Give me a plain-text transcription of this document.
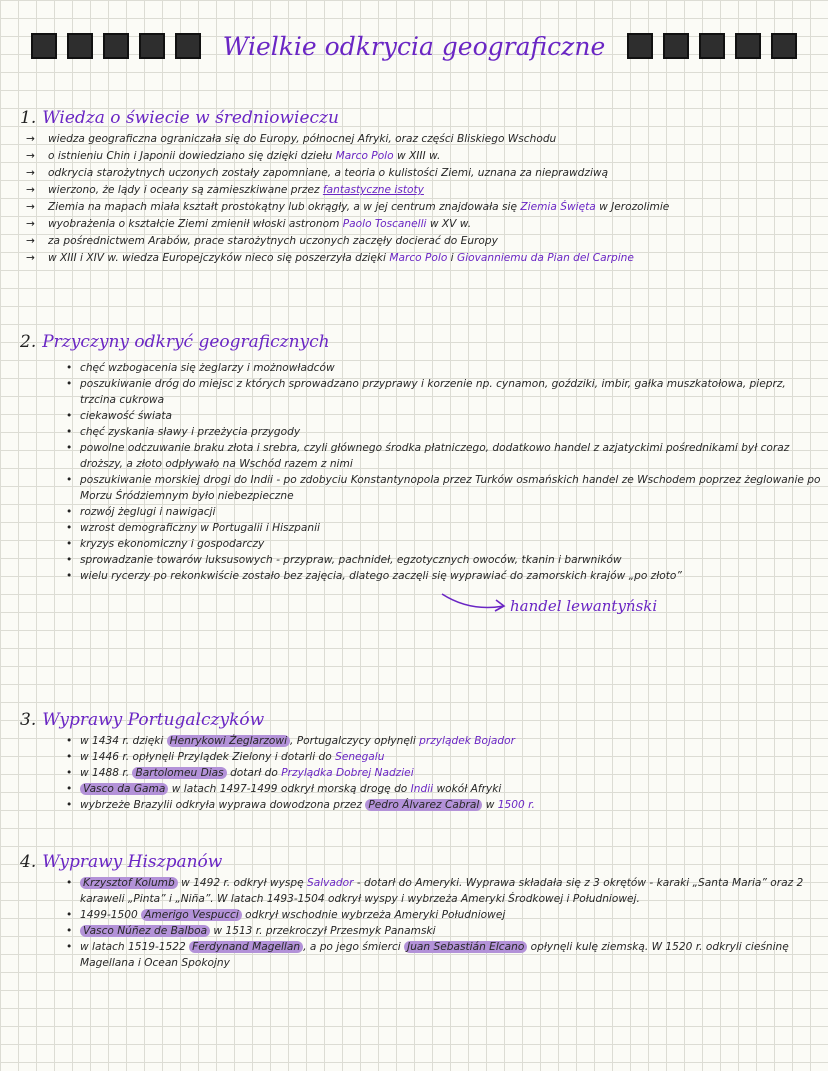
Wielkie odkrycia geograficzne
1. Wiedza o świecie w średniowieczu
→ wiedza geograficzna ograniczała się do Europy, północnej Afryki, oraz części Bliskiego Wschodu
→ o istnieniu Chin i Japonii dowiedziano się dzięki dziełu Marco Polo w XIII w.
→ odkrycia starożytnych uczonych zostały zapomniane, a teoria o kulistości Ziemi, uznana za nieprawdziwą
→ wierzono, że lądy i oceany są zamieszkiwane przez fantastyczne istoty
→ Ziemia na mapach miała kształt prostokątny lub okrągły, a w jej centrum znajdowała się Ziemia Święta w Jerozolimie
→ wyobrażenia o kształcie Ziemi zmienił włoski astronom Paolo Toscanelli w XV w.
→ za pośrednictwem Arabów, prace starożytnych uczonych zaczęły docierać do Europy
→ w XIII i XIV w. wiedza Europejczyków nieco się poszerzyła dzięki Marco Polo i Giovanniemu da Pian del Carpine
2. Przyczyny odkryć geograficznych
• chęć wzbogacenia się żeglarzy i możnowładców
• poszukiwanie dróg do miejsc z których sprowadzano przyprawy i korzenie np. cynamon, goździki, imbir, gałka muszkatołowa, pieprz, trzcina cukrowa
• ciekawość świata
• chęć zyskania sławy i przeżycia przygody
• powolne odczuwanie braku złota i srebra, czyli głównego środka płatniczego, dodatkowo handel z azjatyckimi pośrednikami był coraz droższy, a złoto odpływało na Wschód razem z nimi
• poszukiwanie morskiej drogi do Indii - po zdobyciu Konstantynopola przez Turków osmańskich handel ze Wschodem poprzez żeglowanie po Morzu Śródziemnym było niebezpieczne
• rozwój żeglugi i nawigacji
• wzrost demograficzny w Portugalii i Hiszpanii
• kryzys ekonomiczny i gospodarczy
• sprowadzanie towarów luksusowych - przypraw, pachnideł, egzotycznych owoców, tkanin i barwników
• wielu rycerzy po rekonkwiście zostało bez zajęcia, dlatego zaczęli się wyprawiać do zamorskich krajów „po złoto”
handel lewantyński
3. Wyprawy Portugalczyków
• w 1434 r. dzięki Henrykowi Żeglarzowi , Portugalczycy opłynęli przylądek Bojador
• w 1446 r. opłynęli Przylądek Zielony i dotarli do Senegalu
• w 1488 r. Bartolomeu Dias dotarł do Przylądka Dobrej Nadziei
• Vasco da Gama w latach 1497-1499 odkrył morską drogę do Indii wokół Afryki
• wybrzeże Brazylii odkryła wyprawa dowodzona przez Pedro Álvarez Cabral w 1500 r.
4. Wyprawy Hiszpanów
• Krzysztof Kolumb w 1492 r. odkrył wyspę Salvador - dotarł do Ameryki. Wyprawa składała się z 3 okrętów - karaki „Santa Maria” oraz 2 karaweli „Pinta” i „Niña”. W latach 1493-1504 odkrył wyspy i wybrzeża Ameryki Środkowej i Południowej.
• 1499-1500 Amerigo Vespucci odkrył wschodnie wybrzeża Ameryki Południowej
• Vasco Núñez de Balboa w 1513 r. przekroczył Przesmyk Panamski
• w latach 1519-1522 Ferdynand Magellan , a po jego śmierci Juan Sebastián Elcano opłynęli kulę ziemską. W 1520 r. odkryli cieśninę Magellana i Ocean Spokojny
